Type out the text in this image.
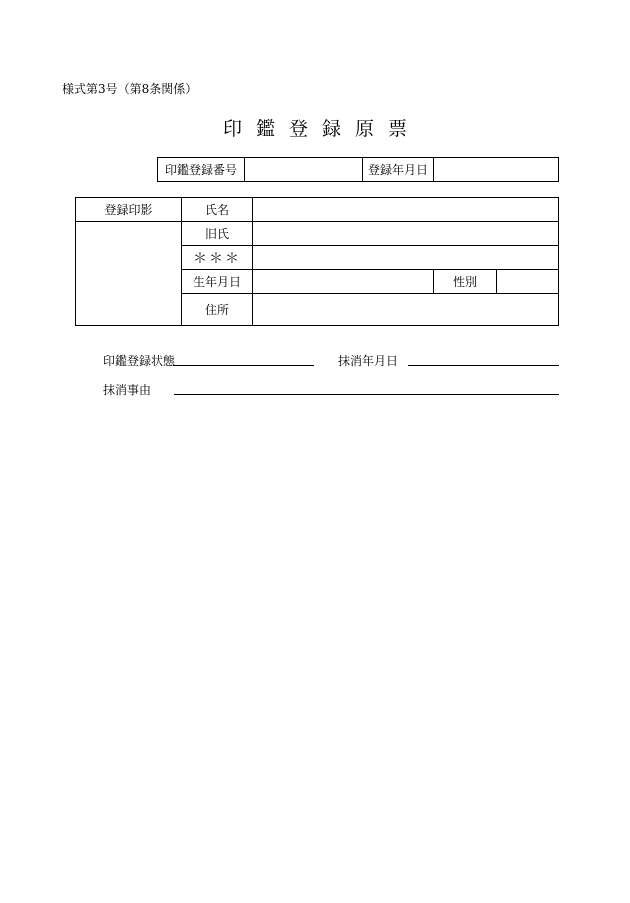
様式第3号（第8条関係）
印 鑑 登 録 原 票
印鑑登録番号		登録年月日	
登録印影	氏名			
	旧氏			
	＊＊＊			
	生年月日		性別	
	住所			
印鑑登録状態	抹消年月日
抹消事由
